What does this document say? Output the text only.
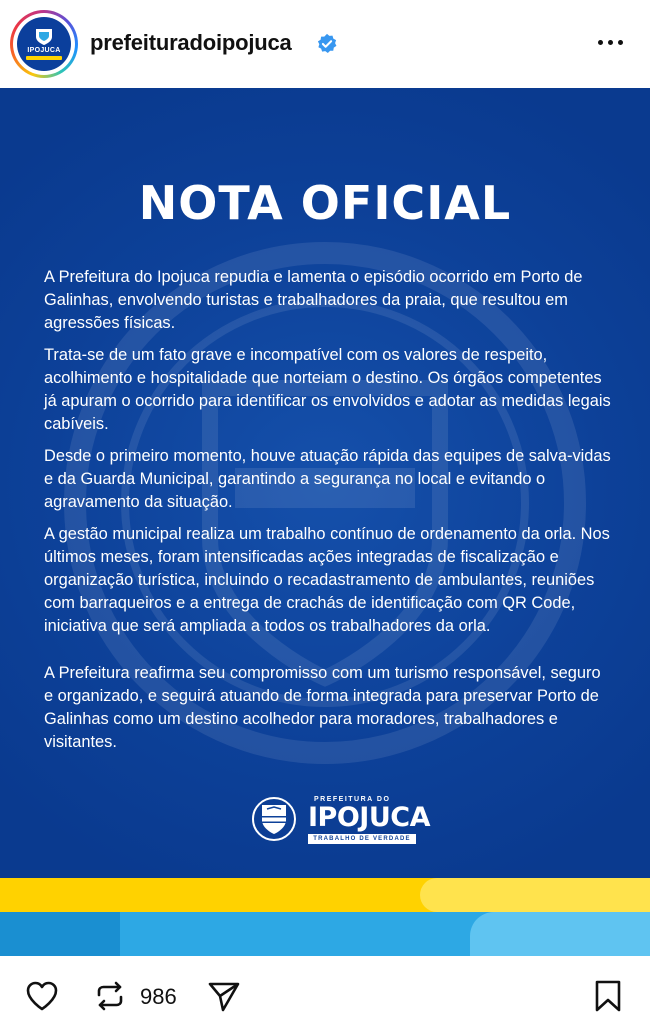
IPOJUCA prefeituradoipojuca
NOTA OFICIAL

A Prefeitura do Ipojuca repudia e lamenta o episódio ocorrido em Porto de Galinhas, envolvendo turistas e trabalhadores da praia, que resultou em agressões físicas.

Trata-se de um fato grave e incompatível com os valores de respeito, acolhimento e hospitalidade que norteiam o destino. Os órgãos competentes já apuram o ocorrido para identificar os envolvidos e adotar as medidas legais cabíveis.

Desde o primeiro momento, houve atuação rápida das equipes de salva-vidas e da Guarda Municipal, garantindo a segurança no local e evitando o agravamento da situação.

A gestão municipal realiza um trabalho contínuo de ordenamento da orla. Nos últimos meses, foram intensificadas ações integradas de fiscalização e organização turística, incluindo o recadastramento de ambulantes, reuniões com barraqueiros e a entrega de crachás de identificação com QR Code, iniciativa que será ampliada a todos os trabalhadores da orla.

A Prefeitura reafirma seu compromisso com um turismo responsável, seguro e organizado, e seguirá atuando de forma integrada para preservar Porto de Galinhas como um destino acolhedor para moradores, trabalhadores e visitantes.

PREFEITURA DO
IPOJUCA
TRABALHO DE VERDADE
986
